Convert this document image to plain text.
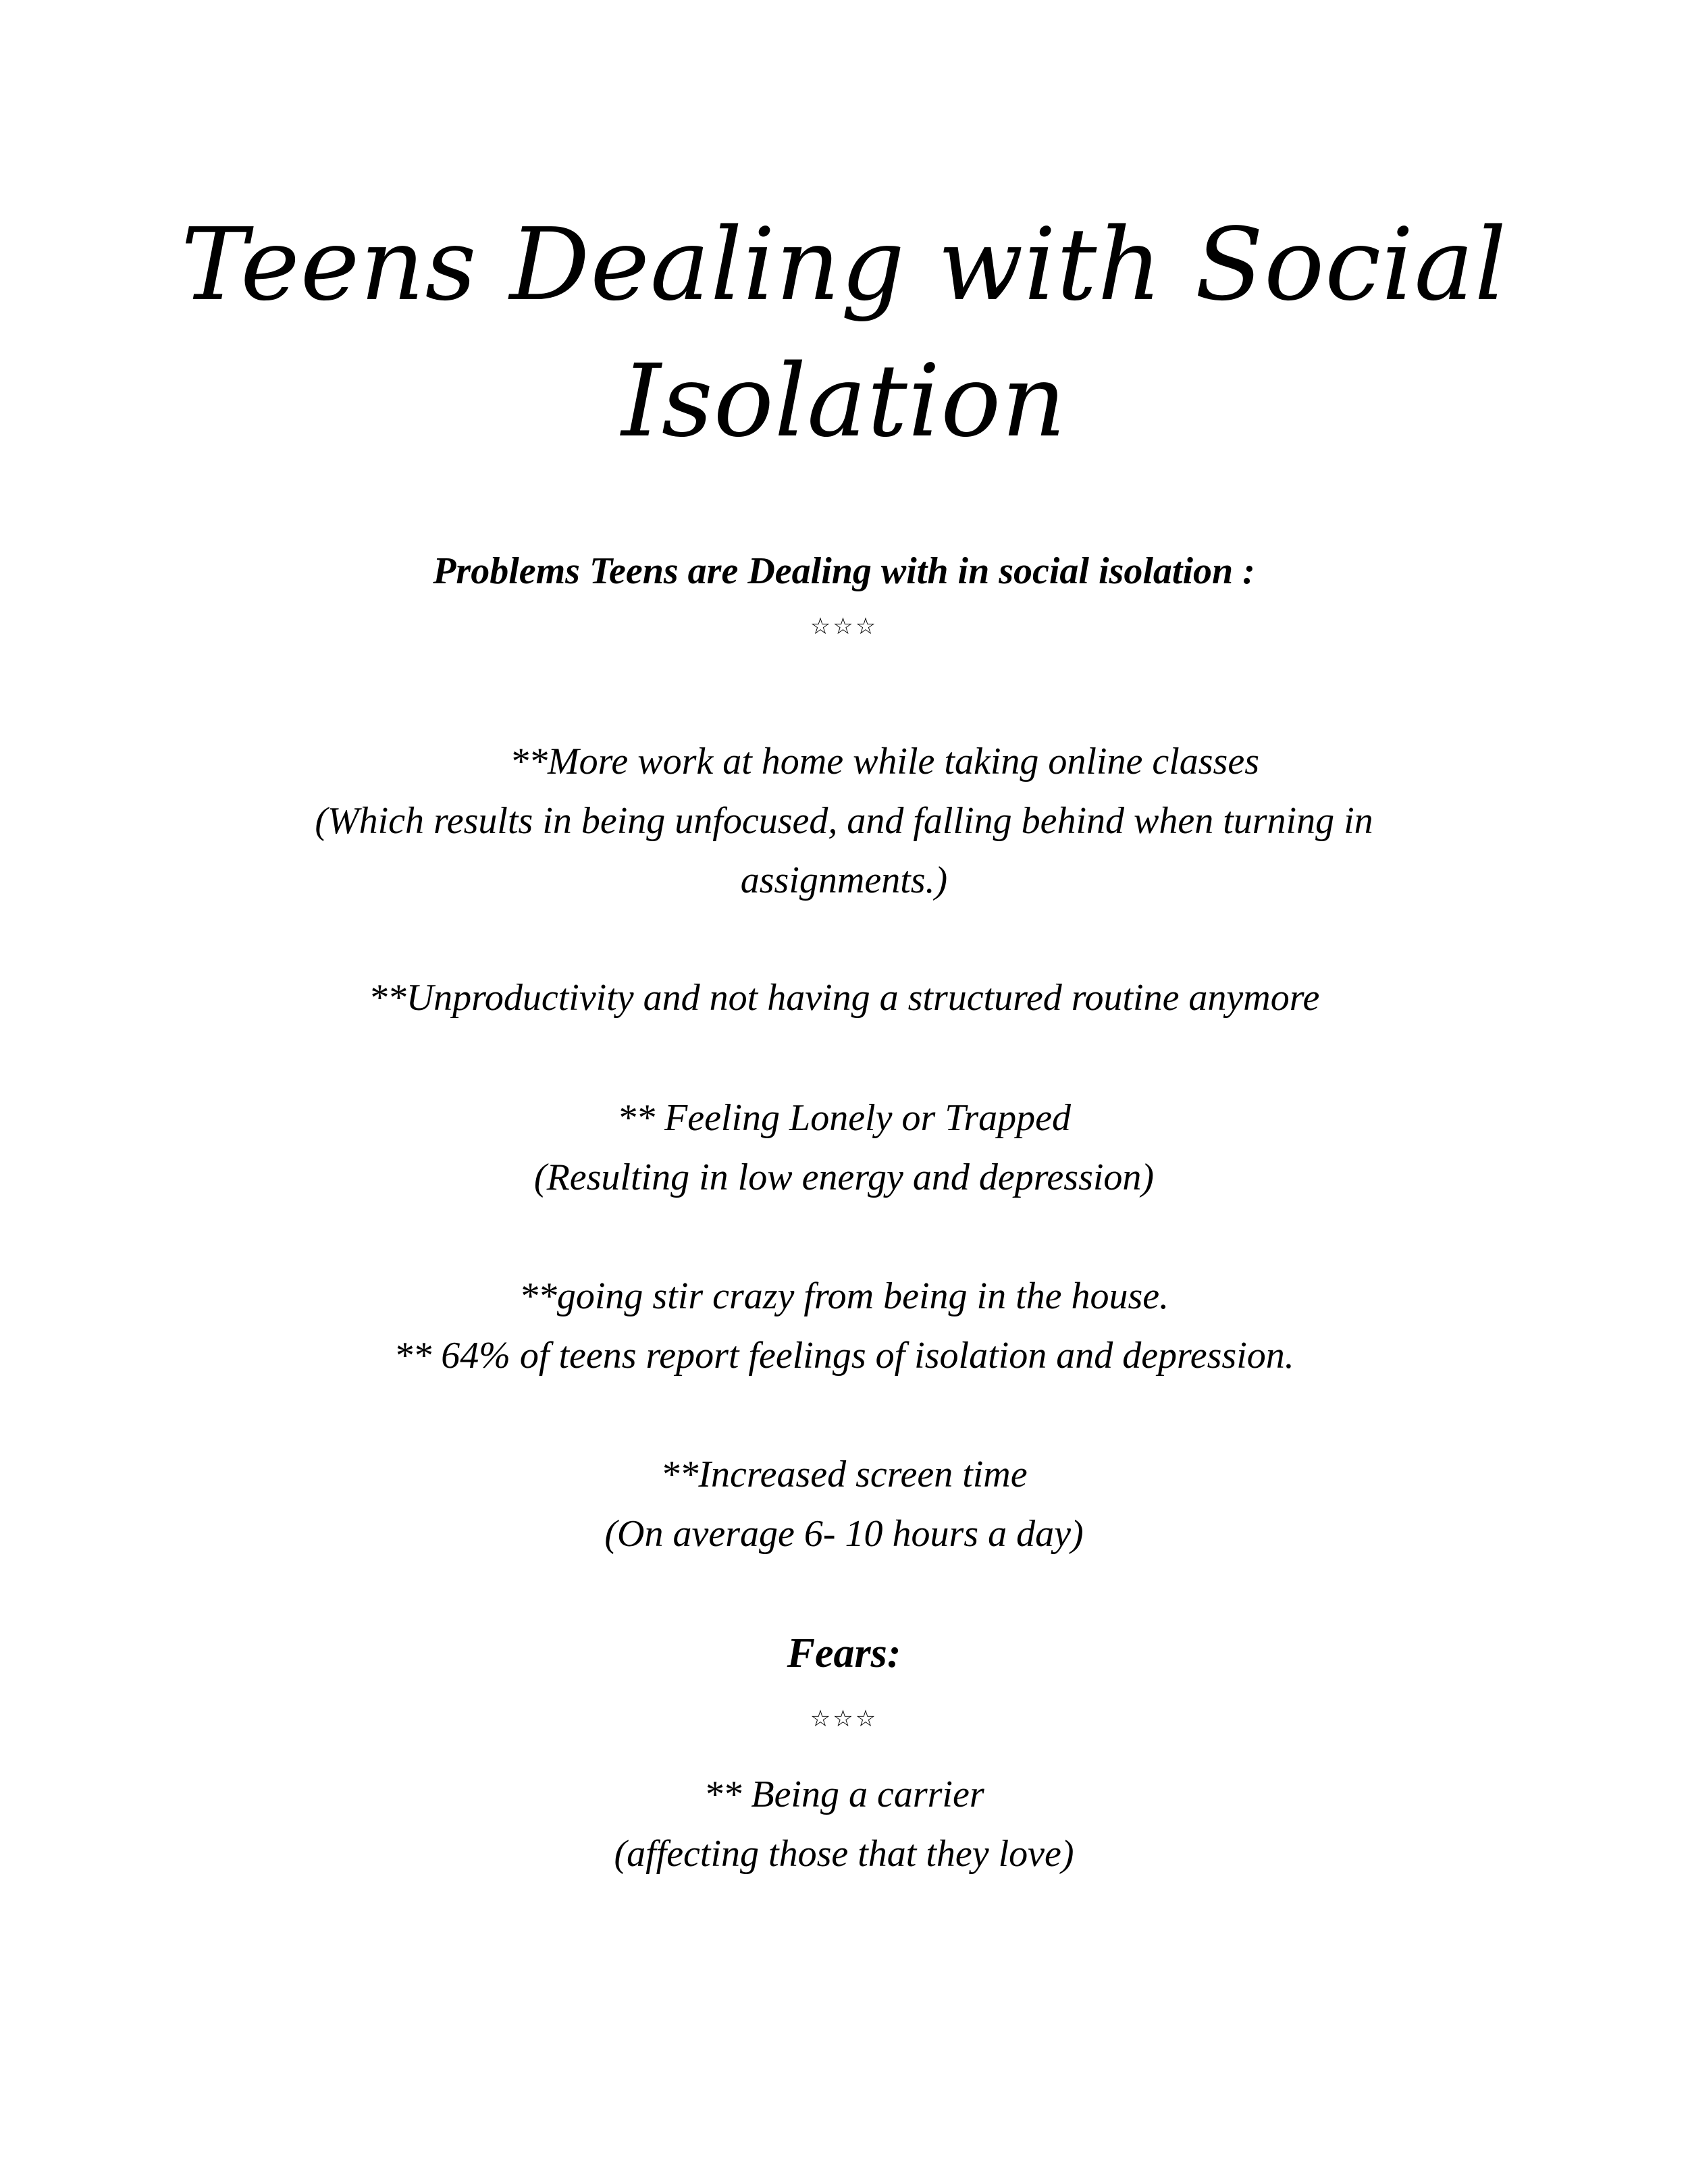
Teens Dealing with Social
Isolation
Problems Teens are Dealing with in social isolation :
☆☆☆
**More work at home while taking online classes
(Which results in being unfocused, and falling behind when turning in
assignments.)
**Unproductivity and not having a structured routine anymore
** Feeling Lonely or Trapped
(Resulting in low energy and depression)
**going stir crazy from being in the house.
** 64% of teens report feelings of isolation and depression.
**Increased screen time
(On average 6- 10 hours a day)
Fears:
☆☆☆
** Being a carrier
(affecting those that they love)
